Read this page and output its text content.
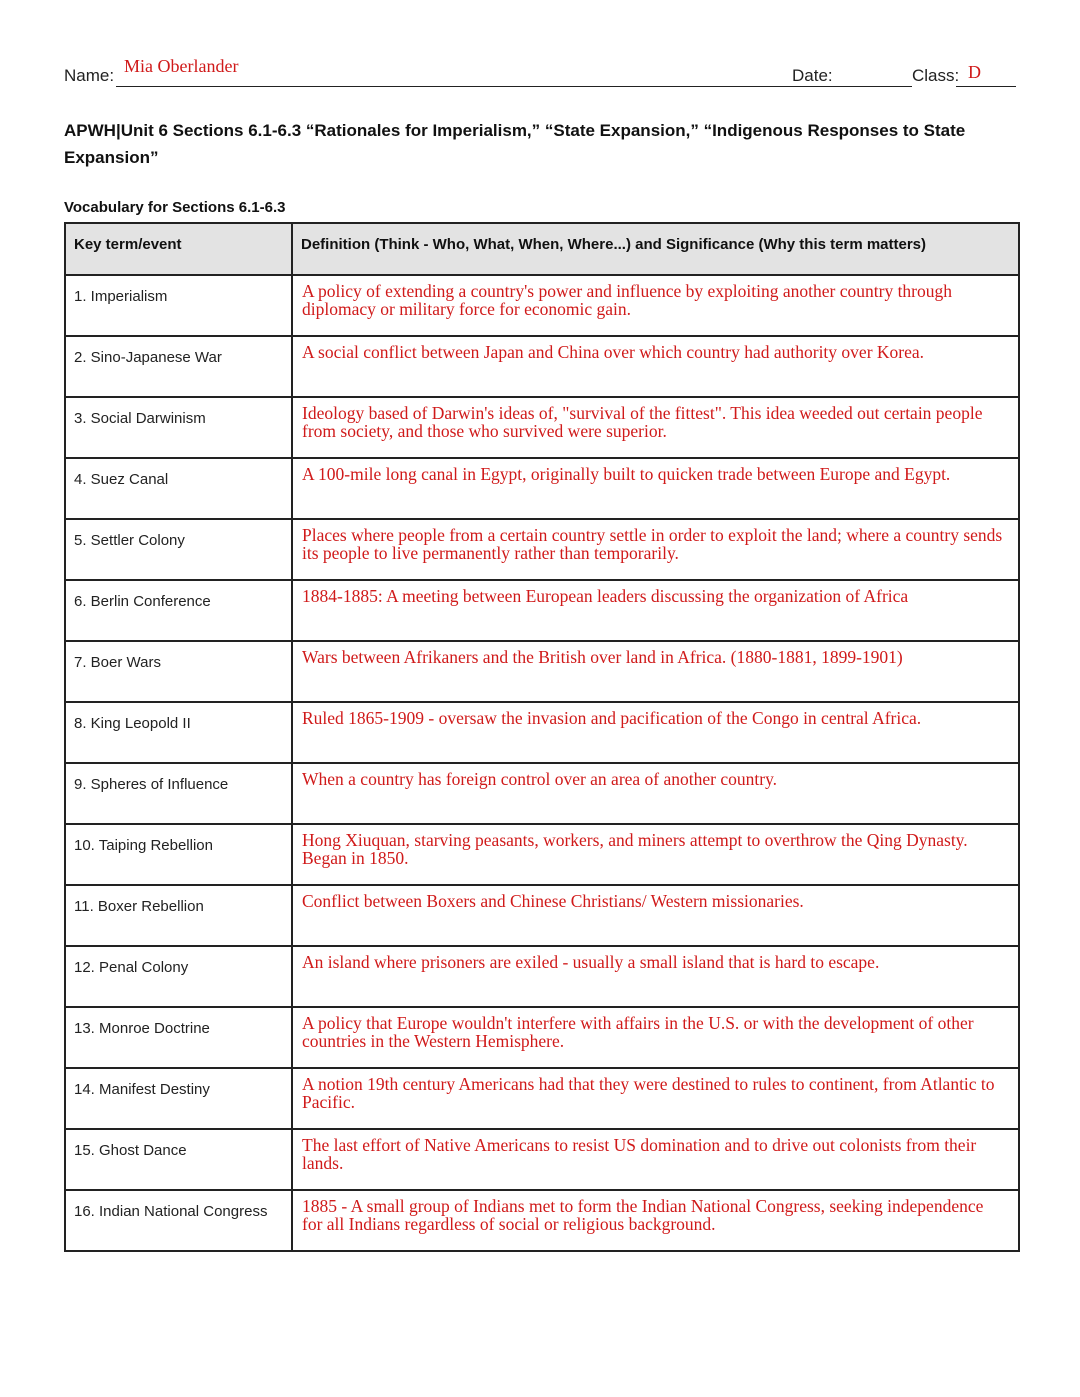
Name: Mia Oberlander	Date:	Class: D
APWH|Unit 6 Sections 6.1-6.3 “Rationales for Imperialism,” “State Expansion,” “Indigenous Responses to State Expansion”
Vocabulary for Sections 6.1-6.3
Key term/event	Definition (Think - Who, What, When, Where...) and Significance (Why this term matters)
1. Imperialism	A policy of extending a country's power and influence by exploiting another country through diplomacy or military force for economic gain.
2. Sino-Japanese War	A social conflict between Japan and China over which country had authority over Korea.
3. Social Darwinism	Ideology based of Darwin's ideas of, "survival of the fittest". This idea weeded out certain people from society, and those who survived were superior.
4. Suez Canal	A 100-mile long canal in Egypt, originally built to quicken trade between Europe and Egypt.
5. Settler Colony	Places where people from a certain country settle in order to exploit the land; where a country sends its people to live permanently rather than temporarily.
6. Berlin Conference	1884-1885: A meeting between European leaders discussing the organization of Africa
7. Boer Wars	Wars between Afrikaners and the British over land in Africa. (1880-1881, 1899-1901)
8. King Leopold II	Ruled 1865-1909 - oversaw the invasion and pacification of the Congo in central Africa.
9. Spheres of Influence	When a country has foreign control over an area of another country.
10. Taiping Rebellion	Hong Xiuquan, starving peasants, workers, and miners attempt to overthrow the Qing Dynasty. Began in 1850.
11. Boxer Rebellion	Conflict between Boxers and Chinese Christians/ Western missionaries.
12. Penal Colony	An island where prisoners are exiled - usually a small island that is hard to escape.
13. Monroe Doctrine	A policy that Europe wouldn't interfere with affairs in the U.S. or with the development of other countries in the Western Hemisphere.
14. Manifest Destiny	A notion 19th century Americans had that they were destined to rules to continent, from Atlantic to Pacific.
15. Ghost Dance	The last effort of Native Americans to resist US domination and to drive out colonists from their lands.
16. Indian National Congress	1885 - A small group of Indians met to form the Indian National Congress, seeking independence for all Indians regardless of social or religious background.
